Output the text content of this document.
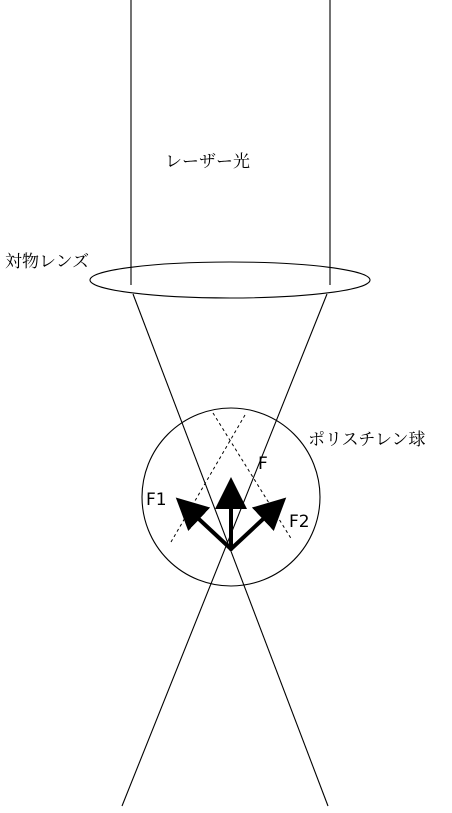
レーザー光
対物レンズ
ポリスチレン球
F
F1
F2
